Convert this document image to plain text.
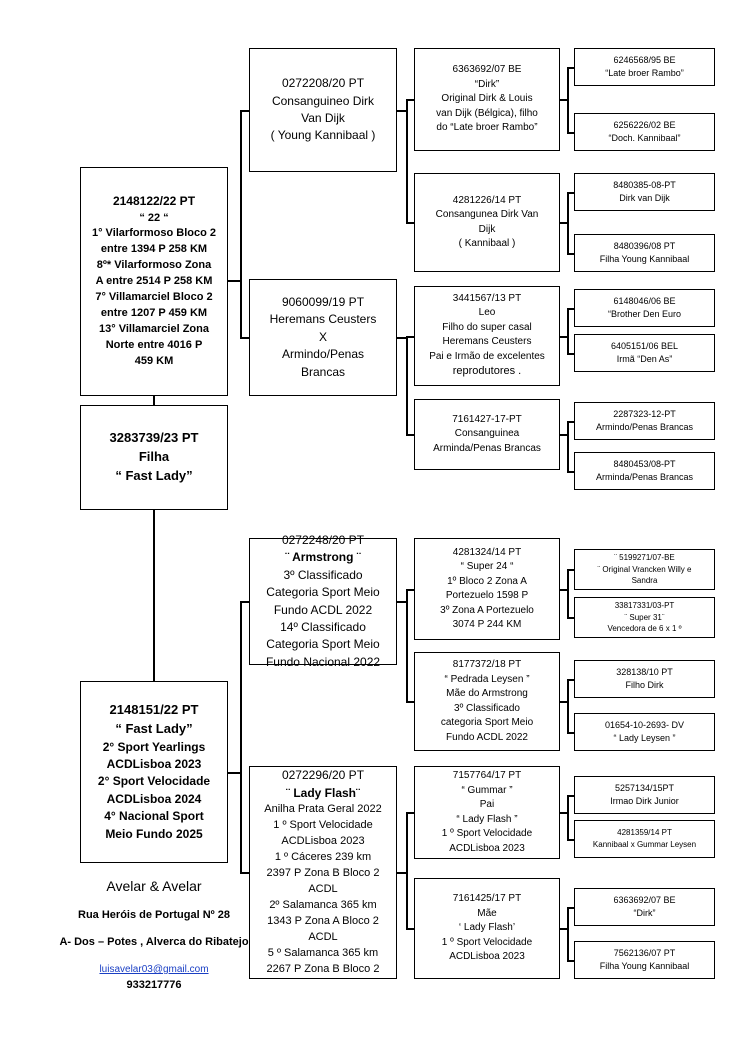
6246568/95 BE
“Late broer Rambo”
6256226/02 BE
“Doch. Kannibaal”
8480385-08-PT
Dirk van Dijk
8480396/08 PT
Filha Young Kannibaal
6148046/06 BE
“Brother Den Euro
6405151/06 BEL
Irmã “Den As”
2287323-12-PT
Armindo/Penas Brancas
8480453/08-PT
Arminda/Penas Brancas
¨ 5199271/07-BE
¨ Original Vrancken Willy e
Sandra
33817331/03-PT
¨ Super 31¨
Vencedora de 6 x 1 º
328138/10 PT
Filho Dirk
01654-10-2693- DV
“ Lady Leysen ”
5257134/15PT
Irmao Dirk Junior
4281359/14 PT
Kannibaal x Gummar Leysen
6363692/07 BE
“Dirk”
7562136/07 PT
Filha Young Kannibaal
6363692/07 BE
“Dirk”
Original Dirk & Louis
van Dijk (Bélgica), filho
do “Late broer Rambo”
4281226/14 PT
Consangunea Dirk Van
Dijk
( Kannibaal )
3441567/13 PT
Leo
Filho do super casal
Heremans Ceusters
Pai e Irmão de excelentes
reprodutores .
7161427-17-PT
Consanguinea
Arminda/Penas Brancas
4281324/14 PT
“ Super 24 “
1º Bloco 2 Zona A
Portezuelo 1598 P
3º Zona A Portezuelo
3074 P 244 KM
8177372/18 PT
“ Pedrada Leysen ”
Mãe do Armstrong
3º Classificado
categoria Sport Meio
Fundo ACDL 2022
7157764/17 PT
“ Gummar ”
Pai
“ Lady Flash ”
1 º Sport Velocidade
ACDLisboa 2023
7161425/17 PT
Mãe
‘ Lady Flash’
1 º Sport Velocidade
ACDLisboa 2023
0272208/20 PT
Consanguineo Dirk
Van Dijk
( Young Kannibaal )
9060099/19 PT
Heremans Ceusters
X
Armindo/Penas
Brancas
0272248/20 PT
¨ Armstrong ¨
3º Classificado
Categoria Sport Meio
Fundo ACDL 2022
14º Classificado
Categoria Sport Meio
Fundo Nacional 2022
0272296/20 PT
¨ Lady Flash¨
Anilha Prata Geral 2022
1 º Sport Velocidade
ACDLisboa 2023
1 º Cáceres 239 km
2397 P Zona B Bloco 2
ACDL
2º Salamanca 365 km
1343 P Zona A Bloco 2
ACDL
5 º Salamanca 365 km
2267 P Zona B Bloco 2
2148122/22 PT
“ 22 “
1° Vilarformoso Bloco 2
entre 1394 P 258 KM
8º* Vilarformoso Zona
A entre 2514 P 258 KM
7° Villamarciel Bloco 2
entre 1207 P 459 KM
13° Villamarciel Zona
Norte entre 4016 P
459 KM
3283739/23 PT
Filha
“ Fast Lady”
2148151/22 PT
“ Fast Lady”
2° Sport Yearlings
ACDLisboa 2023
2° Sport Velocidade
ACDLisboa 2024
4° Nacional Sport
Meio Fundo 2025
Avelar & Avelar
Rua Heróis de Portugal Nº 28
A- Dos – Potes , Alverca do Ribatejo
luisavelar03@gmail.com
933217776
